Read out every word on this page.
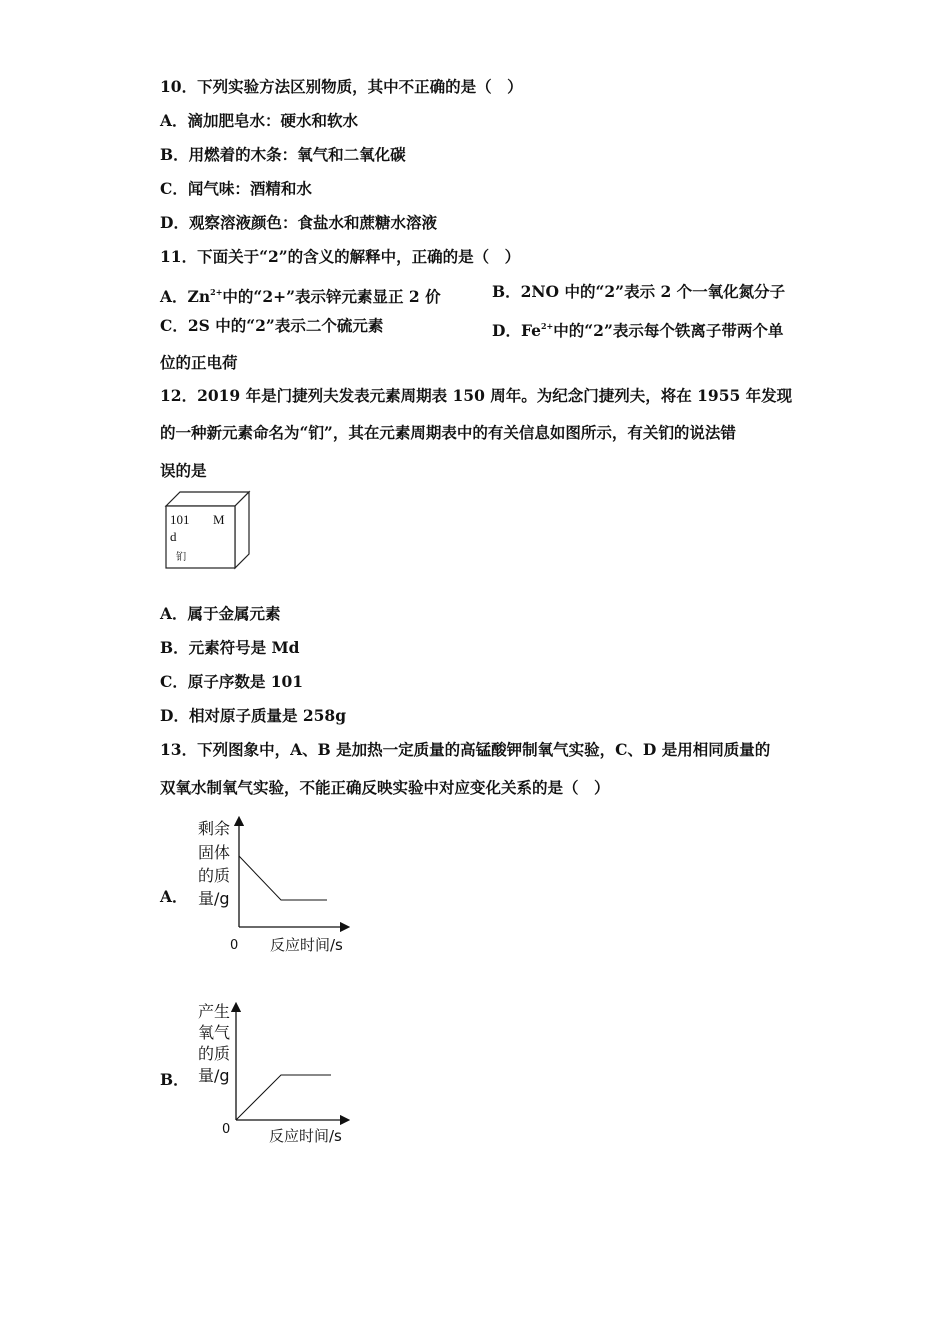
10．下列实验方法区别物质，其中不正确的是（　）
A．滴加肥皂水：硬水和软水
B．用燃着的木条：氧气和二氧化碳
C．闻气味：酒精和水
D．观察溶液颜色：食盐水和蔗糖水溶液
11．下面关于“2”的含义的解释中，正确的是（　）
A．$Zn^{2+}$中的“2+”表示锌元素显正 2 价	B．2NO 中的“2”表示 2 个一氧化氮分子
C．2S 中的“2”表示二个硫元素	D．$Fe^{2+}$中的“2”表示每个铁离子带两个单
位的正电荷
12．2019 年是门捷列夫发表元素周期表 150 周年。为纪念门捷列夫，将在 1955 年发现
的一种新元素命名为“钔”，其在元素周期表中的有关信息如图所示，有关钔的说法错
误的是
101 M
d
钔
A．属于金属元素
B．元素符号是 Md
C．原子序数是 101
D．相对原子质量是 258g
13．下列图象中，A、B 是加热一定质量的高锰酸钾制氧气实验，C、D 是用相同质量的
双氧水制氧气实验，不能正确反映实验中对应变化关系的是（　）
A．
剩余
固体
的质
量/g
0 反应时间/s
B．
产生
氧气
的质
量/g
0	反应时间/s
